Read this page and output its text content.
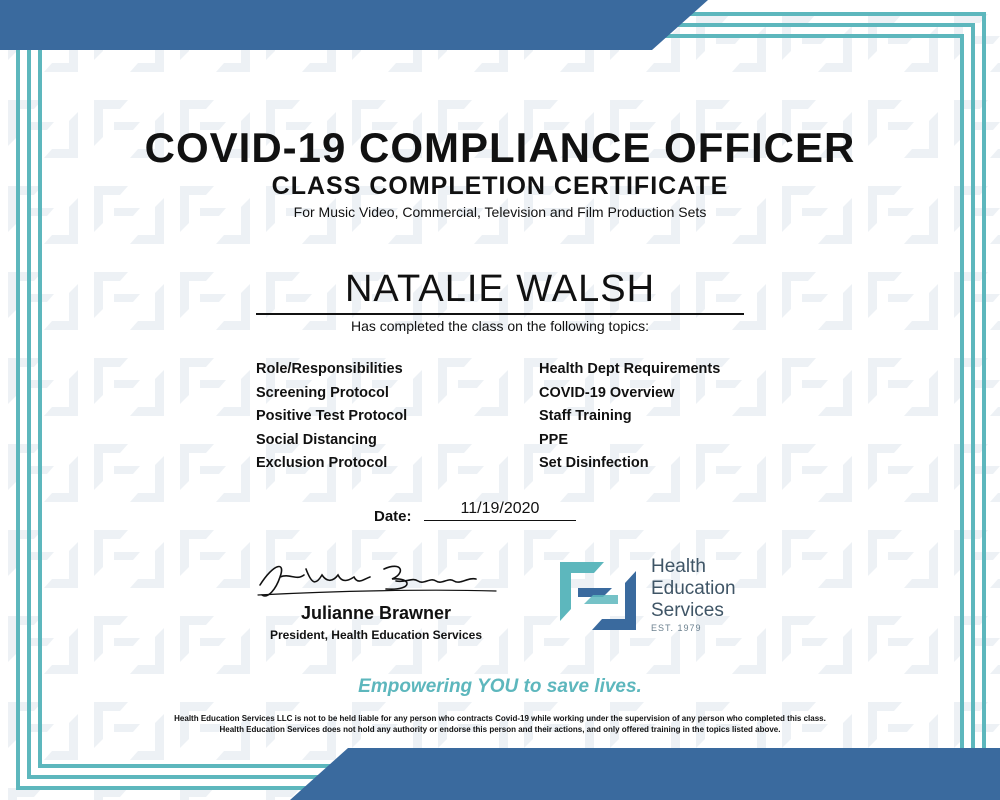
COVID-19 COMPLIANCE OFFICER
CLASS COMPLETION CERTIFICATE
For Music Video, Commercial, Television and Film Production Sets
NATALIE WALSH
Has completed the class on the following topics:
Role/Responsibilities
Screening Protocol
Positive Test Protocol
Social Distancing
Exclusion Protocol
Health Dept Requirements
COVID-19 Overview
Staff Training
PPE
Set Disinfection
Date:	11/19/2020
Julianne Brawner
President, Health Education Services
Health
Education
Services
EST. 1979
Empowering YOU to save lives.
Health Education Services LLC is not to be held liable for any person who contracts Covid-19 while working under the supervision of any person who completed this class.
Health Education Services does not hold any authority or endorse this person and their actions, and only offered training in the topics listed above.
